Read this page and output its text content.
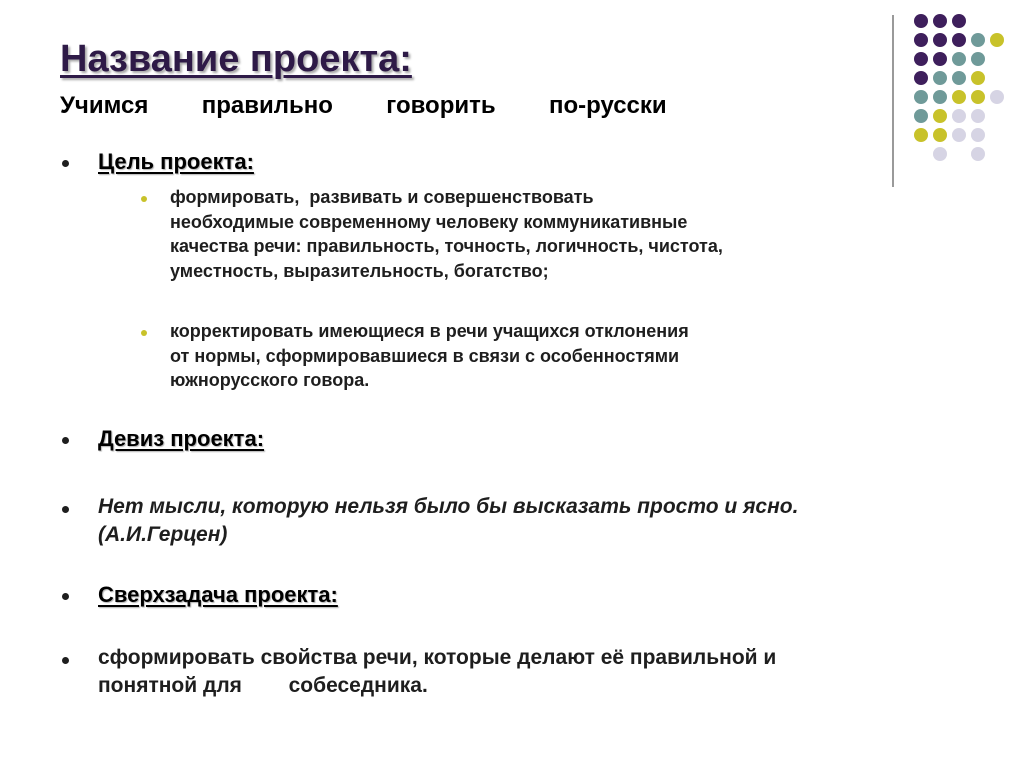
Название проекта:
Учимся        правильно        говорить        по-русски
Цель проекта:
формировать,  развивать и совершенствовать
необходимые современному человеку коммуникативные
качества речи: правильность, точность, логичность, чистота,
уместность, выразительность, богатство;
корректировать имеющиеся в речи учащихся отклонения
от нормы, сформировавшиеся в связи с особенностями
южнорусского говора.
Девиз проекта:
Нет мысли, которую нельзя было бы высказать просто и ясно.
(А.И.Герцен)
Сверхзадача проекта:
сформировать свойства речи, которые делают её правильной и
понятной для        собеседника.
